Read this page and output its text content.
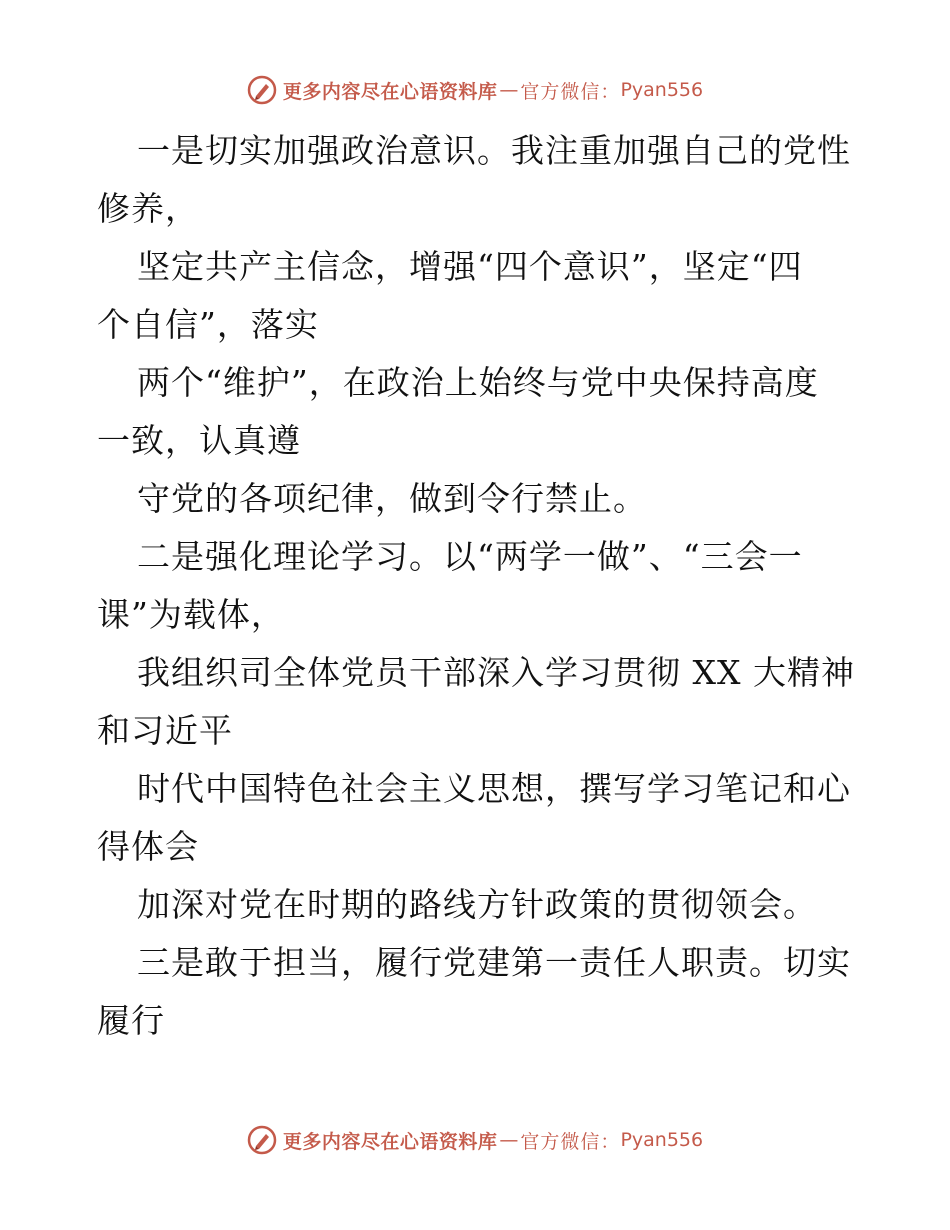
更多内容尽在心语资料库 — 官方微信： Pyan556
一是切实加强政治意识。我注重加强自己的党性
修养，
坚定共产主信念，增强“四个意识”，坚定“四
个自信”，落实
两个“维护”，在政治上始终与党中央保持高度
一致，认真遵
守党的各项纪律，做到令行禁止。
二是强化理论学习。以“两学一做”、“三会一
课”为载体，
我组织司全体党员干部深入学习贯彻 XX 大精神
和习近平
时代中国特色社会主义思想，撰写学习笔记和心
得体会
加深对党在时期的路线方针政策的贯彻领会。
三是敢于担当，履行党建第一责任人职责。切实
履行
更多内容尽在心语资料库 — 官方微信： Pyan556
